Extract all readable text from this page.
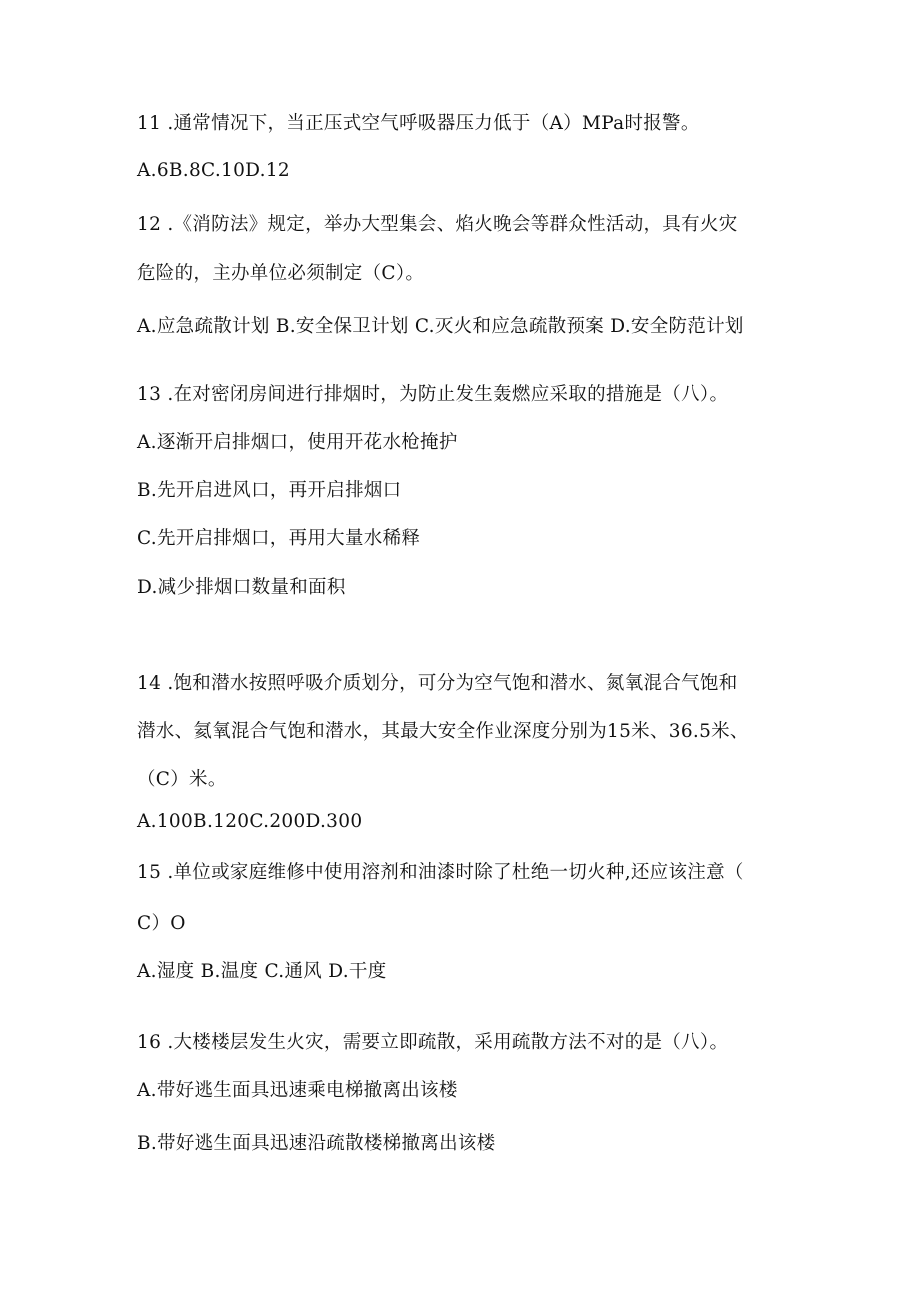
11 .通常情况下，当正压式空气呼吸器压力低于（A）MPa时报警。
A.6B.8C.10D.12
12 .《消防法》规定，举办大型集会、焰火晚会等群众性活动，具有火灾
危险的，主办单位必须制定（C）。
A.应急疏散计划 B.安全保卫计划 C.灭火和应急疏散预案 D.安全防范计划
13 .在对密闭房间进行排烟时，为防止发生轰燃应采取的措施是（八）。
A.逐渐开启排烟口，使用开花水枪掩护
B.先开启进风口，再开启排烟口
C.先开启排烟口，再用大量水稀释
D.减少排烟口数量和面积
14 .饱和潜水按照呼吸介质划分，可分为空气饱和潜水、氮氧混合气饱和
潜水、氦氧混合气饱和潜水，其最大安全作业深度分别为15米、36.5米、
（C）米。
A.100B.120C.200D.300
15 .单位或家庭维修中使用溶剂和油漆时除了杜绝一切火种,还应该注意（
C）O
A.湿度 B.温度 C.通风 D.干度
16 .大楼楼层发生火灾，需要立即疏散，采用疏散方法不对的是（八）。
A.带好逃生面具迅速乘电梯撤离出该楼
B.带好逃生面具迅速沿疏散楼梯撤离出该楼
